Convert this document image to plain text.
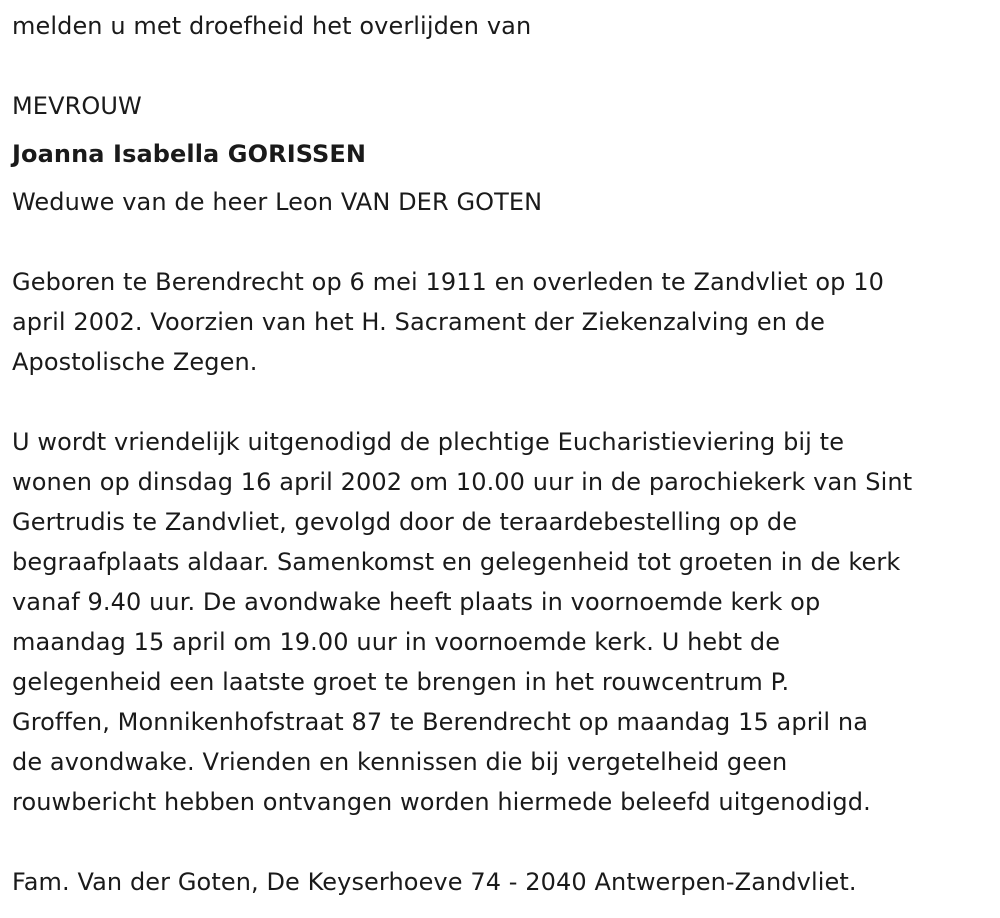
melden u met droefheid het overlijden van
MEVROUW
Joanna Isabella GORISSEN
Weduwe van de heer Leon VAN DER GOTEN
Geboren te Berendrecht op 6 mei 1911 en overleden te Zandvliet op 10
april 2002. Voorzien van het H. Sacrament der Ziekenzalving en de
Apostolische Zegen.
U wordt vriendelijk uitgenodigd de plechtige Eucharistieviering bij te
wonen op dinsdag 16 april 2002 om 10.00 uur in de parochiekerk van Sint
Gertrudis te Zandvliet, gevolgd door de teraardebestelling op de
begraafplaats aldaar. Samenkomst en gelegenheid tot groeten in de kerk
vanaf 9.40 uur. De avondwake heeft plaats in voornoemde kerk op
maandag 15 april om 19.00 uur in voornoemde kerk. U hebt de
gelegenheid een laatste groet te brengen in het rouwcentrum P.
Groffen, Monnikenhofstraat 87 te Berendrecht op maandag 15 april na
de avondwake. Vrienden en kennissen die bij vergetelheid geen
rouwbericht hebben ontvangen worden hiermede beleefd uitgenodigd.
Fam. Van der Goten, De Keyserhoeve 74 - 2040 Antwerpen-Zandvliet.
